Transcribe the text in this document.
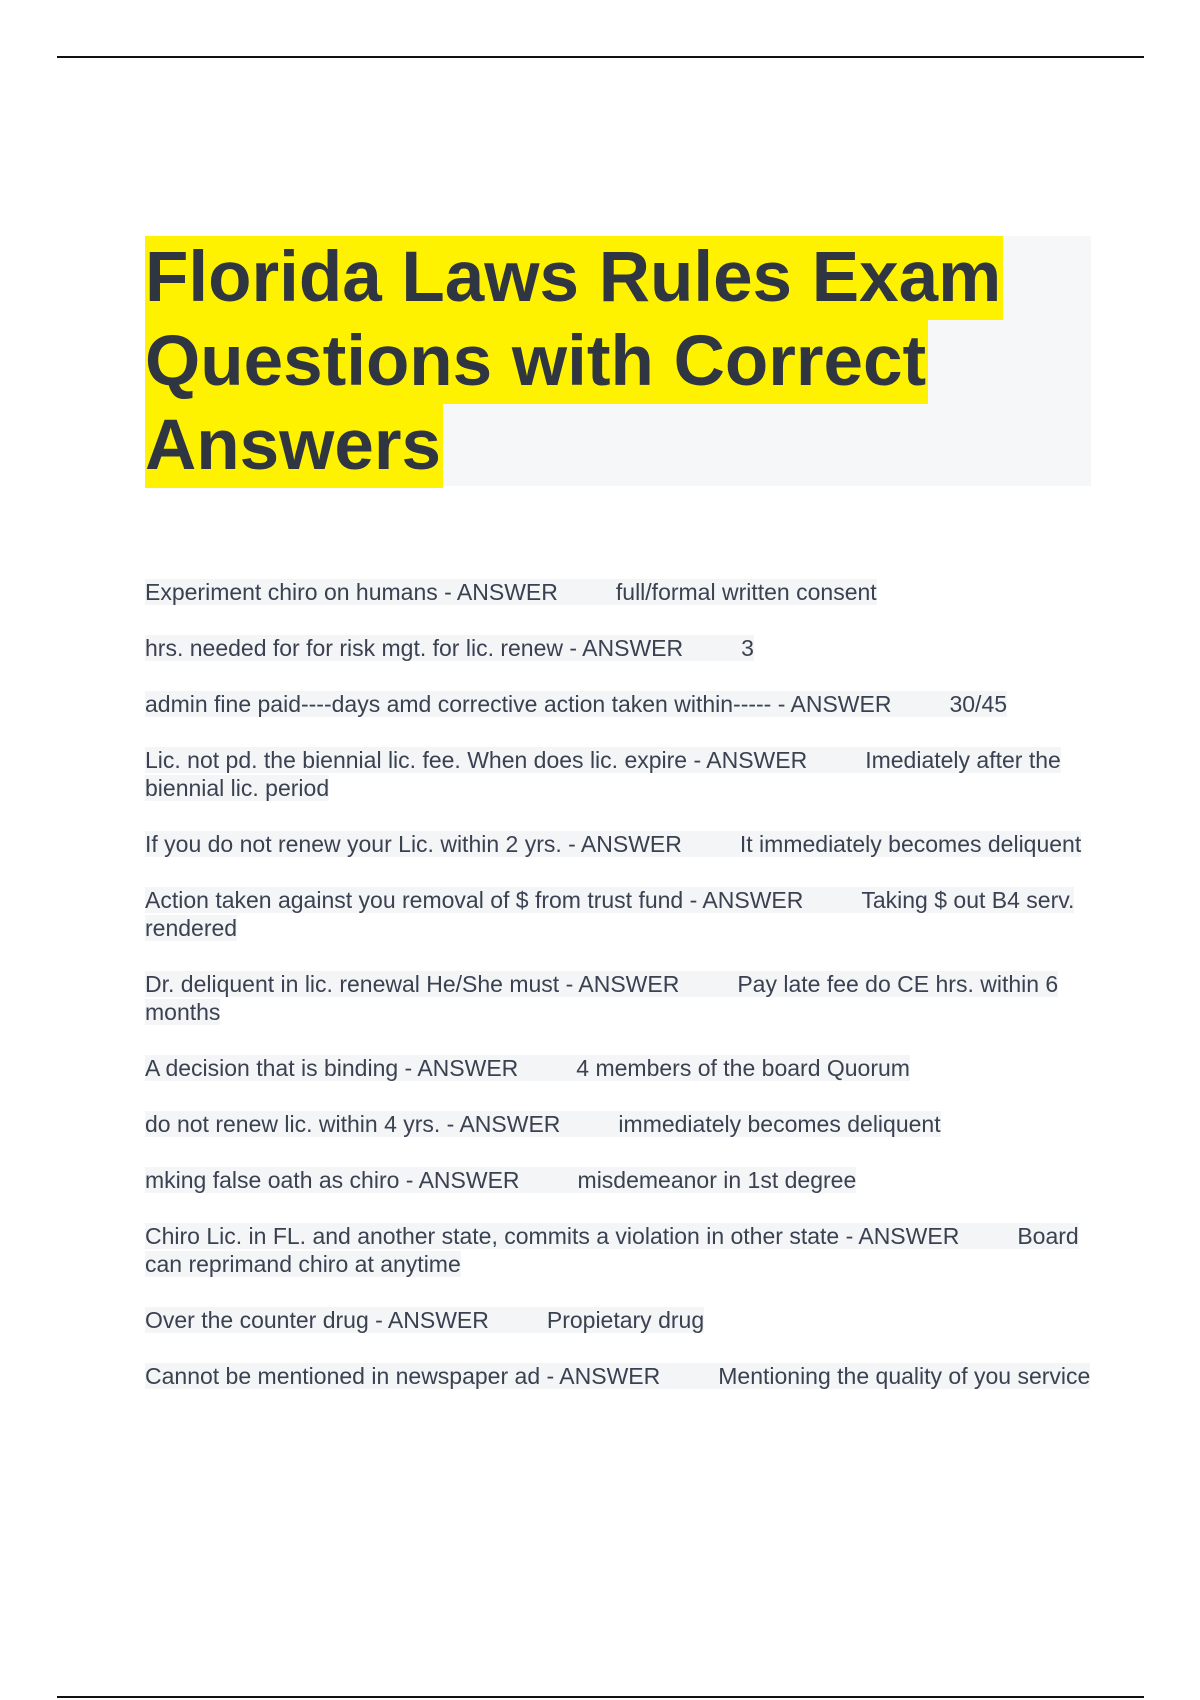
Florida Laws Rules Exam
Questions with Correct
Answers

Experiment chiro on humans - ANSWER	full/formal written consent

hrs. needed for for risk mgt. for lic. renew - ANSWER	3

admin fine paid----days amd corrective action taken within----- - ANSWER	30/45

Lic. not pd. the biennial lic. fee. When does lic. expire - ANSWER	Imediately after the biennial lic. period

If you do not renew your Lic. within 2 yrs. - ANSWER	It immediately becomes deliquent

Action taken against you removal of $ from trust fund - ANSWER	Taking $ out B4 serv. rendered

Dr. deliquent in lic. renewal He/She must - ANSWER	Pay late fee do CE hrs. within 6 months

A decision that is binding - ANSWER	4 members of the board Quorum

do not renew lic. within 4 yrs. - ANSWER	immediately becomes deliquent

mking false oath as chiro - ANSWER	misdemeanor in 1st degree

Chiro Lic. in FL. and another state, commits a violation in other state - ANSWER	Board can reprimand chiro at anytime

Over the counter drug - ANSWER	Propietary drug

Cannot be mentioned in newspaper ad - ANSWER	Mentioning the quality of you service
